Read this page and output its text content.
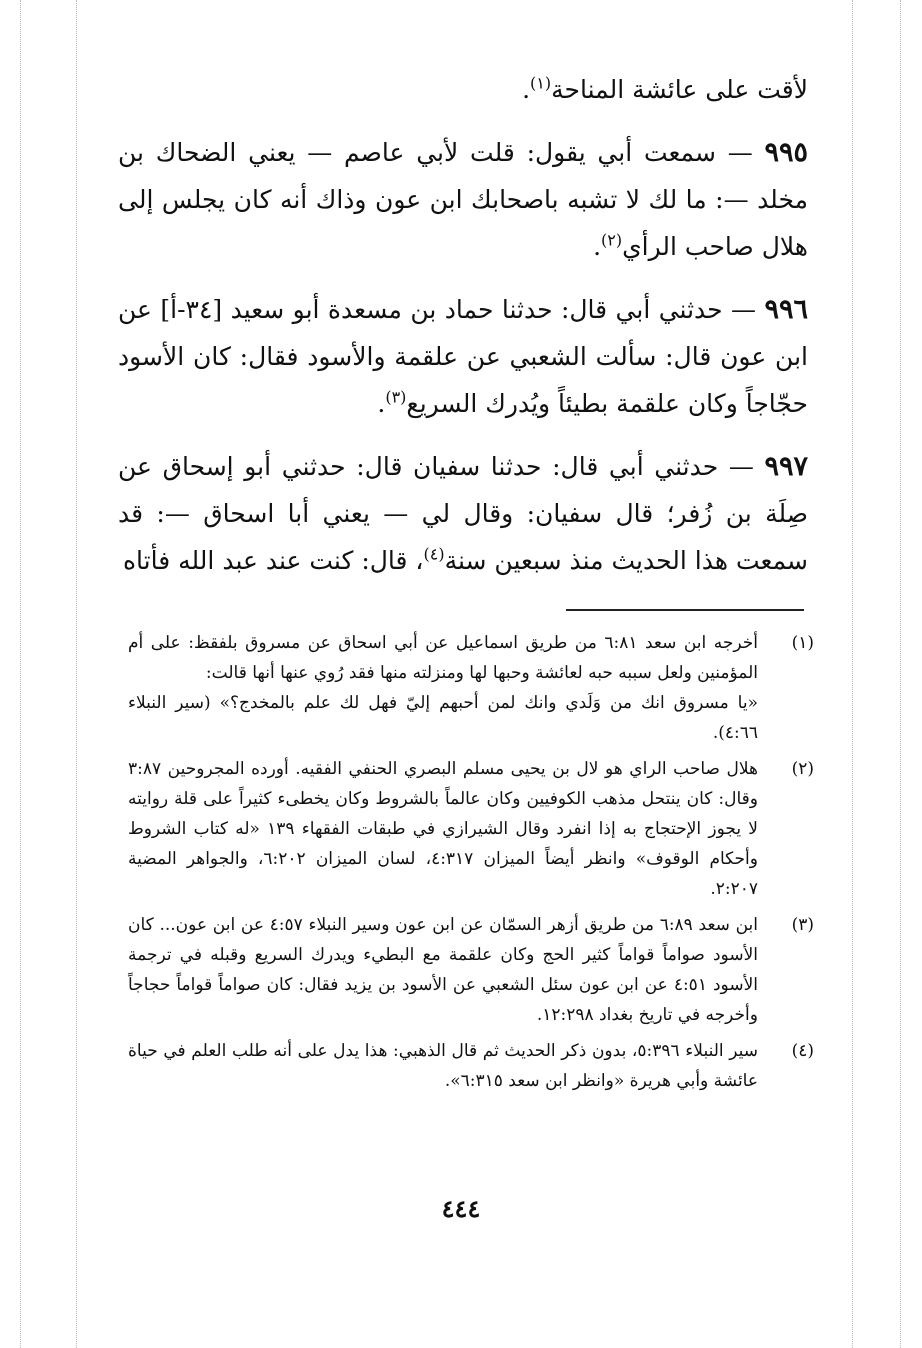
لأقت على عائشة المناحة$^{(١)}$.

٩٩٥ — سمعت أبي يقول: قلت لأبي عاصم — يعني الضحاك بن مخلد —: ما لك لا تشبه باصحابك ابن عون وذاك أنه كان يجلس إلى هلال صاحب الرأي$^{(٢)}$.

٩٩٦ — حدثني أبي قال: حدثنا حماد بن مسعدة أبو سعيد [٣٤-أ] عن ابن عون قال: سألت الشعبي عن علقمة والأسود فقال: كان الأسود حجّاجاً وكان علقمة بطيئاً ويُدرك السريع$^{(٣)}$.

٩٩٧ — حدثني أبي قال: حدثنا سفيان قال: حدثني أبو إسحاق عن صِلَة بن زُفر؛ قال سفيان: وقال لي — يعني أبا اسحاق —: قد سمعت هذا الحديث منذ سبعين سنة$^{(٤)}$، قال: كنت عند عبد الله فأتاه

(١)
أخرجه ابن سعد ٦:٨١ من طريق اسماعيل عن أبي اسحاق عن مسروق بلفقظ: على أم المؤمنين ولعل سببه حبه لعائشة وحبها لها ومنزلته منها فقد رُوي عنها أنها قالت:
«يا مسروق انك من وَلَدي وانك لمن أحبهم إليّ فهل لك علم بالمخدج؟» (سير النبلاء ٤:٦٦).
(٢)
هلال صاحب الراي هو لال بن يحيى مسلم البصري الحنفي الفقيه. أورده المجروحين ٣:٨٧ وقال: كان ينتحل مذهب الكوفيين وكان عالماً بالشروط وكان يخطىء كثيراً على قلة روايته لا يجوز الإحتجاج به إذا انفرد وقال الشيرازي في طبقات الفقهاء ١٣٩ «له كتاب الشروط وأحكام الوقوف» وانظر أيضاً الميزان ٤:٣١٧، لسان الميزان ٦:٢٠٢، والجواهر المضية ٢:٢٠٧.
(٣)
ابن سعد ٦:٨٩ من طريق أزهر السمّان عن ابن عون وسير النبلاء ٤:٥٧ عن ابن عون... كان الأسود صواماً قواماً كثير الحج وكان علقمة مع البطيء ويدرك السريع وقبله في ترجمة الأسود ٤:٥١ عن ابن عون سئل الشعبي عن الأسود بن يزيد فقال: كان صواماً قواماً حجاجاً وأخرجه في تاريخ بغداد ١٢:٢٩٨.
(٤)
سير النبلاء ٥:٣٩٦، بدون ذكر الحديث ثم قال الذهبي: هذا يدل على أنه طلب العلم في حياة عائشة وأبي هريرة «وانظر ابن سعد ٦:٣١٥».
٤٤٤
